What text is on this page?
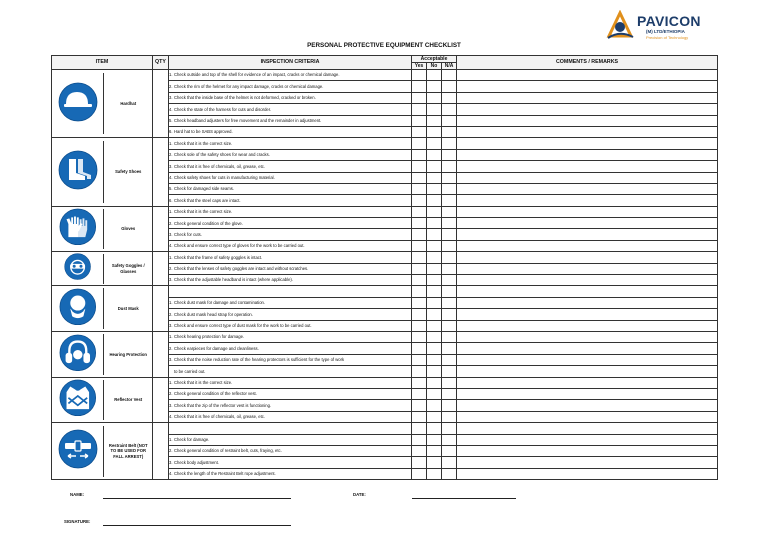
PAVICON
(M) LTD/ETHIOPIA
Precision of Technology
PERSONAL PROTECTIVE EQUIPMENT CHECKLIST
ITEM	QTY	INSPECTION CRITERIA	Acceptable			COMMENTS / REMARKS
			Yes	No	N/A	

Hardhat		1. Check outside and top of the shell for evidence of an impact, cracks or chemical damage.				
		2. Check the rim of the helmet for any impact damage, cracks or chemical damage.				
		3. Check that the inside base of the helmet is not deformed, cracked or broken.				
		4. Check the state of the harness for cuts and disorder.				
		5. Check headband adjusters for free movement and the remainder in adjustment.				
		6. Hard hat to be SABS approved.				

Safety Shoes		1. Check that it is the correct size.				
		2. Check sole of the safety shoes for wear and cracks.				
		3. Check that it is free of chemicals, oil, grease, etc.				
		4. Check safety shoes for cuts in manufacturing material.				
		5. Check for damaged side seams.				
		6. Check that the steel caps are intact.				

Gloves		1. Check that it is the correct size.				
		2. Check general condition of the glove.				
		3. Check for cuts.				
		4. Check and ensure correct type of gloves for the work to be carried out.				

Safety Goggles / Glasses		1. Check that the frame of safety goggles is intact.				
		2. Check that the lenses of safety goggles are intact and without scratches.				
		3. Check that the adjustable headband is intact (where applicable).				

Dust Mask						

		1. Check dust mask for damage and contamination.				
		2. Check dust mask head strap for operation.				
		3. Check and ensure correct type of dust mask for the work to be carried out.				

Hearing Protection		1. Check hearing protection for damage.				
		2. Check earpieces for damage and cleanliness.				
		3. Check that the noise reduction rate of the hearing protectors is sufficient for the type of work				
		to be carried out.				

Reflector Vest		1. Check that it is the correct size.				
		2. Check general condition of the reflector vest.				
		3. Check that the zip of the reflector vest is functioning.				
		4. Check that it is free of chemicals, oil, grease, etc.				

Restraint Belt (NOT TO BE USED FOR FALL ARREST)						

		1. Check for damage.				
		2. Check general condition of restraint belt, cuts, fraying, etc.				
		3. Check body adjustment.				
		4. Check the length of the Restraint Belt rope adjustment.				
NAME:	DATE:
SIGNATURE:
